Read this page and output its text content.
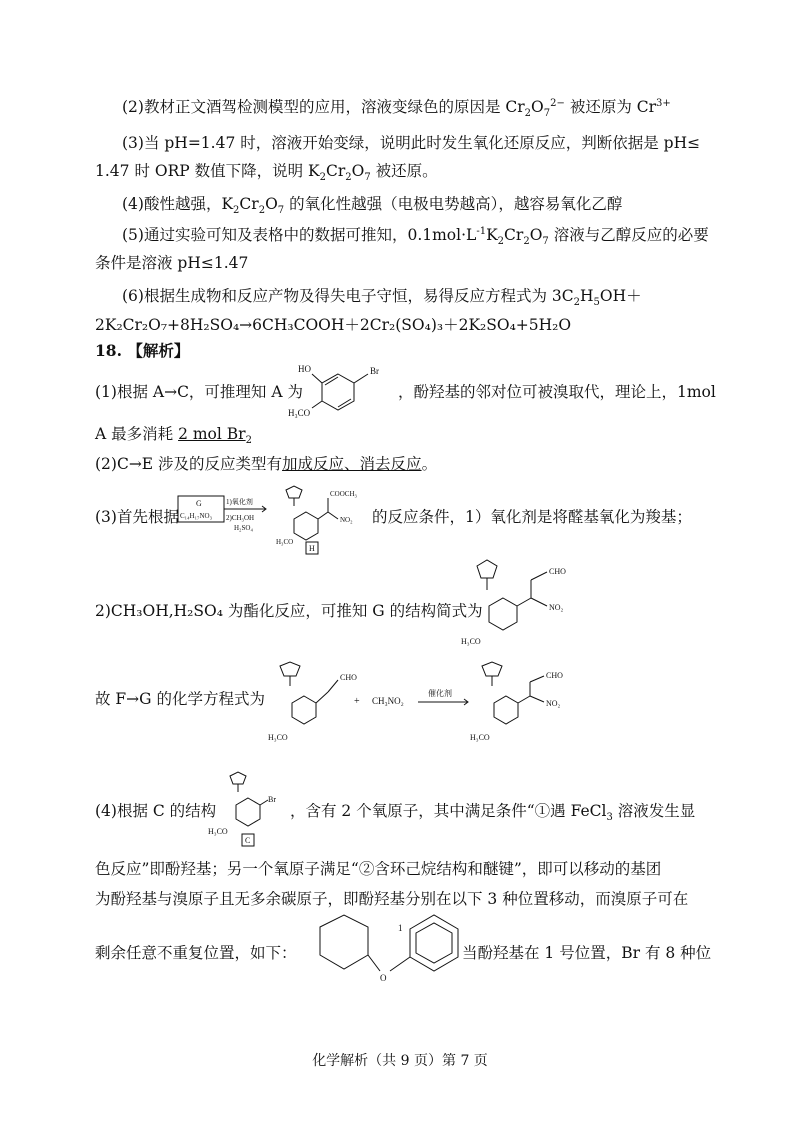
(2)教材正文酒驾检测模型的应用，溶液变绿色的原因是 $Cr_2O_7^{2-}$ 被还原为 $Cr^{3+}$
(3)当 pH=1.47 时，溶液开始变绿，说明此时发生氧化还原反应，判断依据是 pH≤
1.47 时 ORP 数值下降，说明 $K_2Cr_2O_7$ 被还原。
(4)酸性越强，$K_2Cr_2O_7$ 的氧化性越强（电极电势越高），越容易氧化乙醇
(5)通过实验可知及表格中的数据可推知，$0.1mol\cdot L^{-1}K_2Cr_2O_7$ 溶液与乙醇反应的必要
条件是溶液 pH≤1.47
(6)根据生成物和反应产物及得失电子守恒，易得反应方程式为 $3C_2H_5OH+$
2K₂Cr₂O₇+8H₂SO₄→6CH₃COOH＋2Cr₂(SO₄)₃＋2K₂SO₄+5H₂O
18. 【解析】
(1)根据 A→C，可推理知 A 为
HO	Br
H₃CO
，酚羟基的邻对位可被溴取代，理论上，1mol
A 最多消耗 2 mol $Br_2$
(2)C→E 涉及的反应类型有加成反应、消去反应。
(3)首先根据
G
C₁₄H₁₇NO₃
1)氧化剂
2)CH₃OH
H₂SO₄
COOCH₃
NO₂
H₃CO
H
的反应条件，1）氧化剂是将醛基氧化为羧基；
2)CH₃OH,H₂SO₄ 为酯化反应，可推知 G 的结构简式为
CHO
NO₂
H₃CO
故 F→G 的化学方程式为
CHO
H₃CO
+ CH₃NO₂
催化剂
CHO
NO₂
H₃CO
(4)根据 C 的结构
Br
H₃CO
C
，含有 2 个氧原子，其中满足条件“①遇 FeCl$_3$ 溶液发生显
色反应”即酚羟基；另一个氧原子满足“②含环己烷结构和醚键”，即可以移动的基团
为酚羟基与溴原子且无多余碳原子，即酚羟基分别在以下 3 种位置移动，而溴原子可在
剩余任意不重复位置，如下：
O
1
当酚羟基在 1 号位置，Br 有 8 种位
化学解析（共 9 页）第 7 页
